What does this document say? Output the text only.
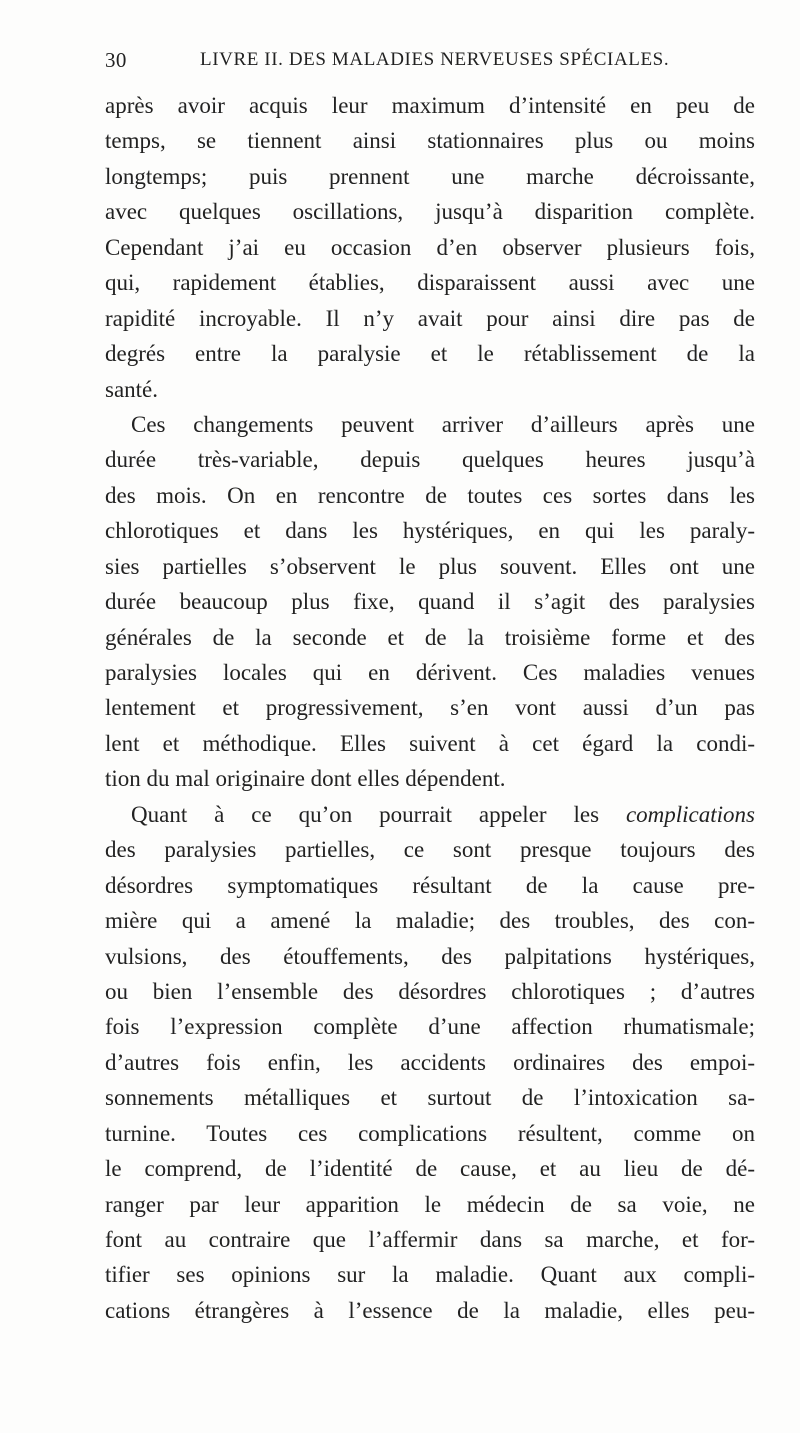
30	LIVRE II. DES MALADIES NERVEUSES SPÉCIALES.
après avoir acquis leur maximum d’intensité en peu de
temps, se tiennent ainsi stationnaires plus ou moins
longtemps; puis prennent une marche décroissante,
avec quelques oscillations, jusqu’à disparition complète.
Cependant j’ai eu occasion d’en observer plusieurs fois,
qui, rapidement établies, disparaissent aussi avec une
rapidité incroyable. Il n’y avait pour ainsi dire pas de
degrés entre la paralysie et le rétablissement de la
santé.
Ces changements peuvent arriver d’ailleurs après une
durée très-variable, depuis quelques heures jusqu’à
des mois. On en rencontre de toutes ces sortes dans les
chlorotiques et dans les hystériques, en qui les paraly-
sies partielles s’observent le plus souvent. Elles ont une
durée beaucoup plus fixe, quand il s’agit des paralysies
générales de la seconde et de la troisième forme et des
paralysies locales qui en dérivent. Ces maladies venues
lentement et progressivement, s’en vont aussi d’un pas
lent et méthodique. Elles suivent à cet égard la condi-
tion du mal originaire dont elles dépendent.
Quant à ce qu’on pourrait appeler les complications
des paralysies partielles, ce sont presque toujours des
désordres symptomatiques résultant de la cause pre-
mière qui a amené la maladie; des troubles, des con-
vulsions, des étouffements, des palpitations hystériques,
ou bien l’ensemble des désordres chlorotiques ; d’autres
fois l’expression complète d’une affection rhumatismale;
d’autres fois enfin, les accidents ordinaires des empoi-
sonnements métalliques et surtout de l’intoxication sa-
turnine. Toutes ces complications résultent, comme on
le comprend, de l’identité de cause, et au lieu de dé-
ranger par leur apparition le médecin de sa voie, ne
font au contraire que l’affermir dans sa marche, et for-
tifier ses opinions sur la maladie. Quant aux compli-
cations étrangères à l’essence de la maladie, elles peu-
